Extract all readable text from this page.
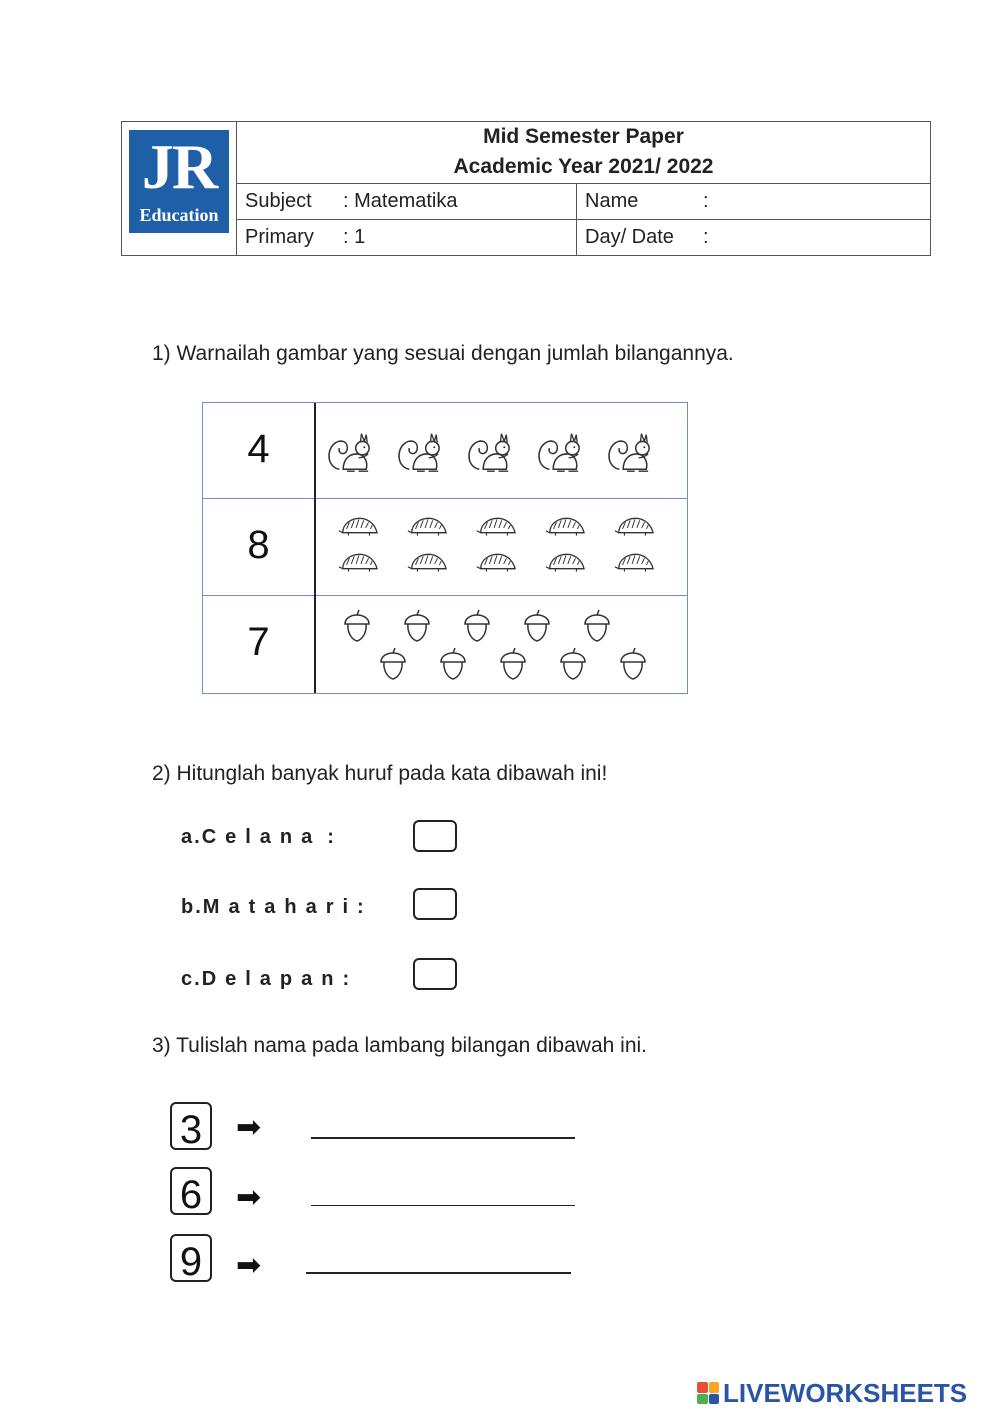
JR
Education
Mid Semester Paper
Academic Year 2021/ 2022
Subject : Matematika	Name	:
Primary : 1	Day/ Date :
1) Warnailah gambar yang sesuai dengan jumlah bilangannya.
4
8
7
2) Hitunglah banyak huruf pada kata dibawah ini!
a.Celana :
b.Matahari:
c.Delapan:
3) Tulislah nama pada lambang bilangan dibawah ini.
3	➡
6	➡
9	➡
LIVEWORKSHEETS
